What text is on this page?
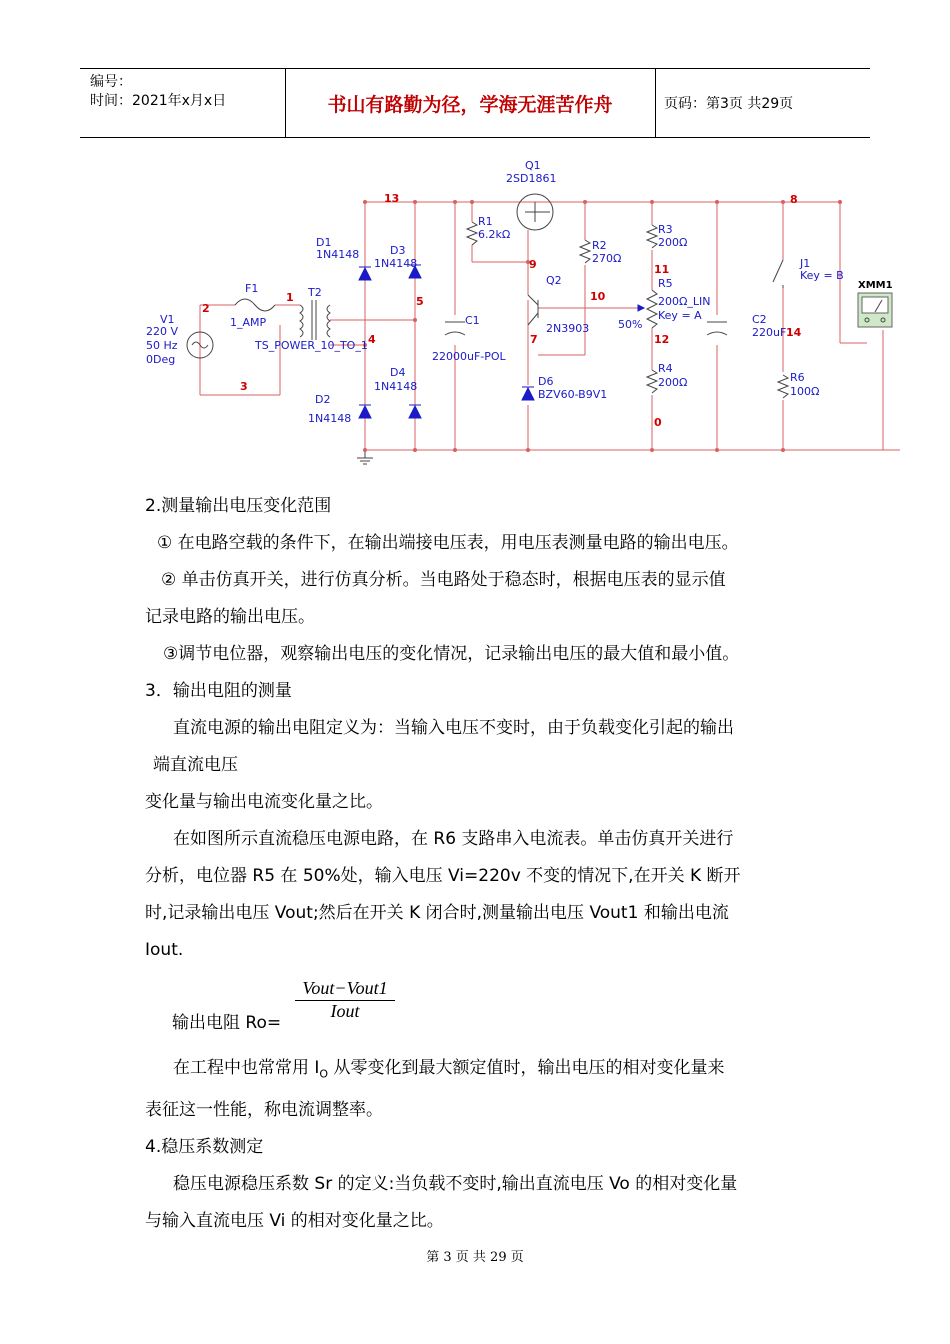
编号：
时间：2021年x月x日	书山有路勤为径，学海无涯苦作舟	页码：第3页 共29页
V1
220 V
50 Hz
0Deg
F1
1_AMP
T2
TS_POWER_10_TO_1
D1
1N4148
D2
1N4148
D3
1N4148
D4
1N4148
C1
22000uF-POL
Q1
2SD1861
R1
6.2kΩ
R2
270Ω
Q2
2N3903
D6
BZV60-B9V1
R3
200Ω
R5
200Ω_LIN
Key = A
50%
R4
200Ω
C2
220uF
J1
Key = B
R6
100Ω
XMM1
2
1
3
13
5
4
9
10
7
11
12
0
8
14

2.测量输出电压变化范围

① 在电路空载的条件下，在输出端接电压表，用电压表测量电路的输出电压。

② 单击仿真开关，进行仿真分析。当电路处于稳态时，根据电压表的显示值

记录电路的输出电压。

③调节电位器，观察输出电压的变化情况，记录输出电压的最大值和最小值。

3．输出电阻的测量

直流电源的输出电阻定义为：当输入电压不变时，由于负载变化引起的输出

端直流电压

变化量与输出电流变化量之比。

在如图所示直流稳压电源电路，在 R6 支路串入电流表。单击仿真开关进行

分析，电位器 R5 在 50%处，输入电压 Vi=220v 不变的情况下,在开关 K 断开

时,记录输出电压 Vout;然后在开关 K 闭合时,测量输出电压 Vout1 和输出电流

Iout.

输出电阻 Ro=
Vout−Vout1
Iout

在工程中也常常用 $I_O$ 从零变化到最大额定值时，输出电压的相对变化量来

表征这一性能，称电流调整率。

4.稳压系数测定

稳压电源稳压系数 Sr 的定义:当负载不变时,输出直流电压 Vo 的相对变化量

与输入直流电压 Vi 的相对变化量之比。

第 3 页 共 29 页
